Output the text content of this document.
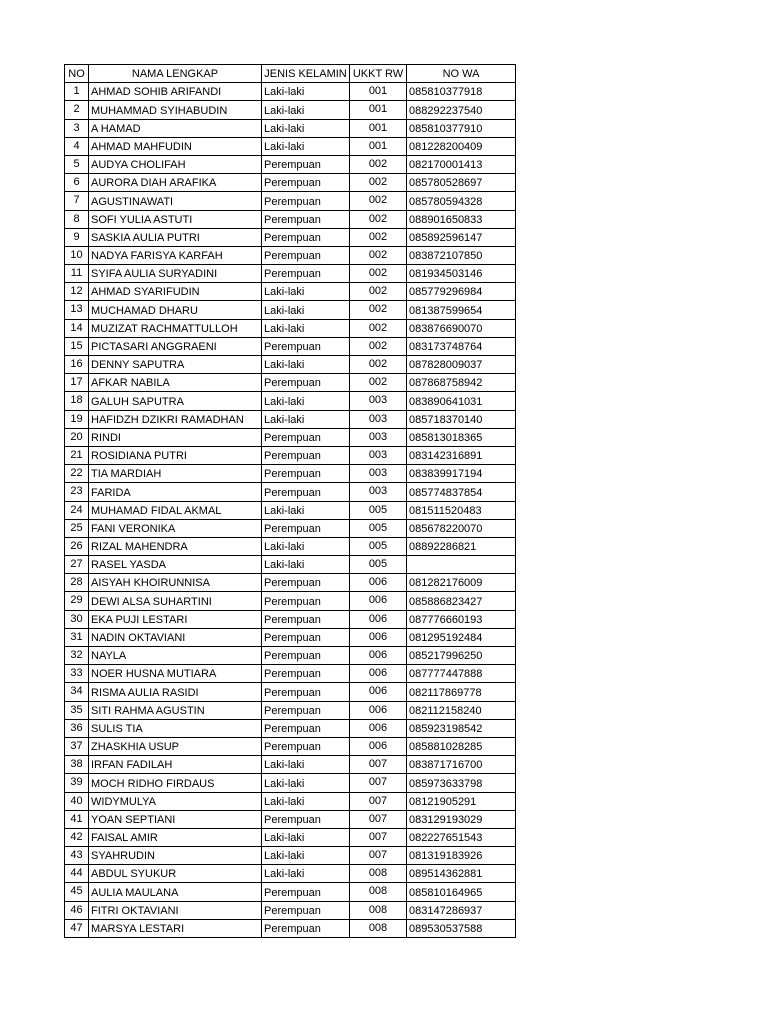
NO	NAMA LENGKAP	JENIS KELAMIN	UKKT RW	NO WA
1	AHMAD SOHIB ARIFANDI	Laki-laki	001	085810377918
2	MUHAMMAD SYIHABUDIN	Laki-laki	001	088292237540
3	A HAMAD	Laki-laki	001	085810377910
4	AHMAD MAHFUDIN	Laki-laki	001	081228200409
5	AUDYA CHOLIFAH	Perempuan	002	082170001413
6	AURORA DIAH ARAFIKA	Perempuan	002	085780528697
7	AGUSTINAWATI	Perempuan	002	085780594328
8	SOFI YULIA ASTUTI	Perempuan	002	088901650833
9	SASKIA AULIA PUTRI	Perempuan	002	085892596147
10	NADYA FARISYA KARFAH	Perempuan	002	083872107850
11	SYIFA AULIA SURYADINI	Perempuan	002	081934503146
12	AHMAD SYARIFUDIN	Laki-laki	002	085779296984
13	MUCHAMAD DHARU	Laki-laki	002	081387599654
14	MUZIZAT RACHMATTULLOH	Laki-laki	002	083876690070
15	PICTASARI ANGGRAENI	Perempuan	002	083173748764
16	DENNY SAPUTRA	Laki-laki	002	087828009037
17	AFKAR NABILA	Perempuan	002	087868758942
18	GALUH SAPUTRA	Laki-laki	003	083890641031
19	HAFIDZH DZIKRI RAMADHAN	Laki-laki	003	085718370140
20	RINDI	Perempuan	003	085813018365
21	ROSIDIANA PUTRI	Perempuan	003	083142316891
22	TIA MARDIAH	Perempuan	003	083839917194
23	FARIDA	Perempuan	003	085774837854
24	MUHAMAD FIDAL AKMAL	Laki-laki	005	081511520483
25	FANI VERONIKA	Perempuan	005	085678220070
26	RIZAL MAHENDRA	Laki-laki	005	08892286821
27	RASEL YASDA	Laki-laki	005	
28	AISYAH KHOIRUNNISA	Perempuan	006	081282176009
29	DEWI ALSA SUHARTINI	Perempuan	006	085886823427
30	EKA PUJI LESTARI	Perempuan	006	087776660193
31	NADIN OKTAVIANI	Perempuan	006	081295192484
32	NAYLA	Perempuan	006	085217996250
33	NOER HUSNA MUTIARA	Perempuan	006	087777447888
34	RISMA AULIA RASIDI	Perempuan	006	082117869778
35	SITI RAHMA AGUSTIN	Perempuan	006	082112158240
36	SULIS TIA	Perempuan	006	085923198542
37	ZHASKHIA USUP	Perempuan	006	085881028285
38	IRFAN FADILAH	Laki-laki	007	083871716700
39	MOCH RIDHO FIRDAUS	Laki-laki	007	085973633798
40	WIDYMULYA	Laki-laki	007	08121905291
41	YOAN SEPTIANI	Perempuan	007	083129193029
42	FAISAL AMIR	Laki-laki	007	082227651543
43	SYAHRUDIN	Laki-laki	007	081319183926
44	ABDUL SYUKUR	Laki-laki	008	089514362881
45	AULIA MAULANA	Perempuan	008	085810164965
46	FITRI OKTAVIANI	Perempuan	008	083147286937
47	MARSYA LESTARI	Perempuan	008	089530537588
